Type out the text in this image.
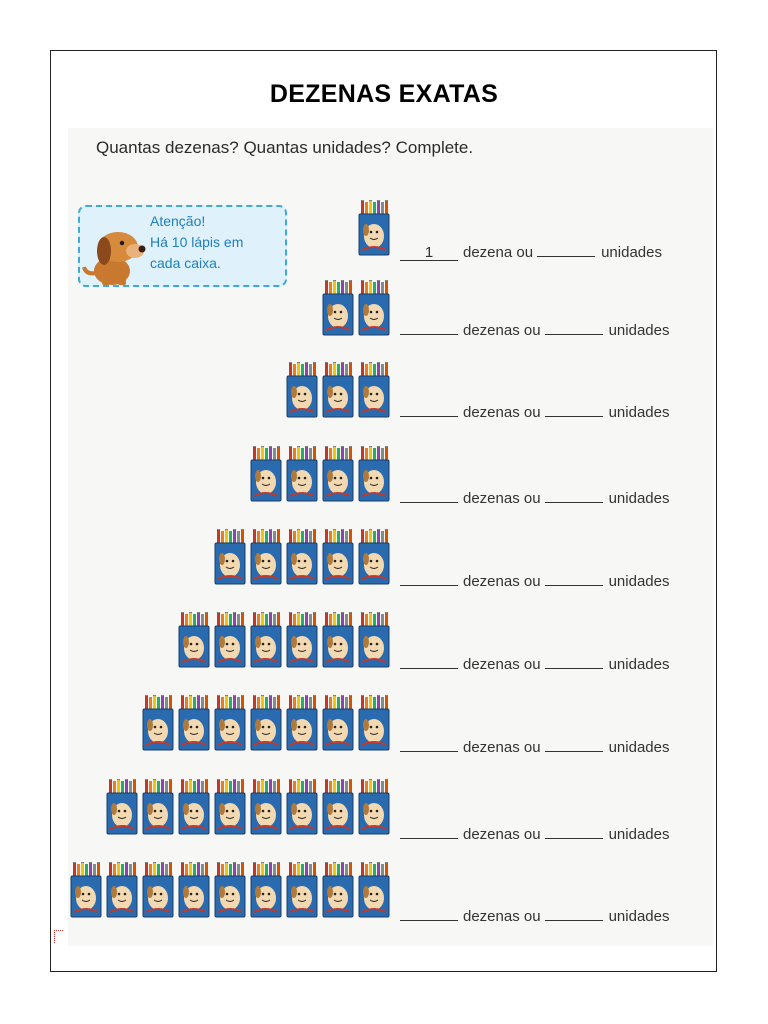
DEZENAS EXATAS
Quantas dezenas? Quantas unidades? Complete.
Atenção!
Há 10 lápis em
cada caixa.
1 dezena ou	unidades
dezenas ou	unidades
dezenas ou	unidades
dezenas ou	unidades
dezenas ou	unidades
dezenas ou	unidades
dezenas ou	unidades
dezenas ou	unidades
dezenas ou	unidades
